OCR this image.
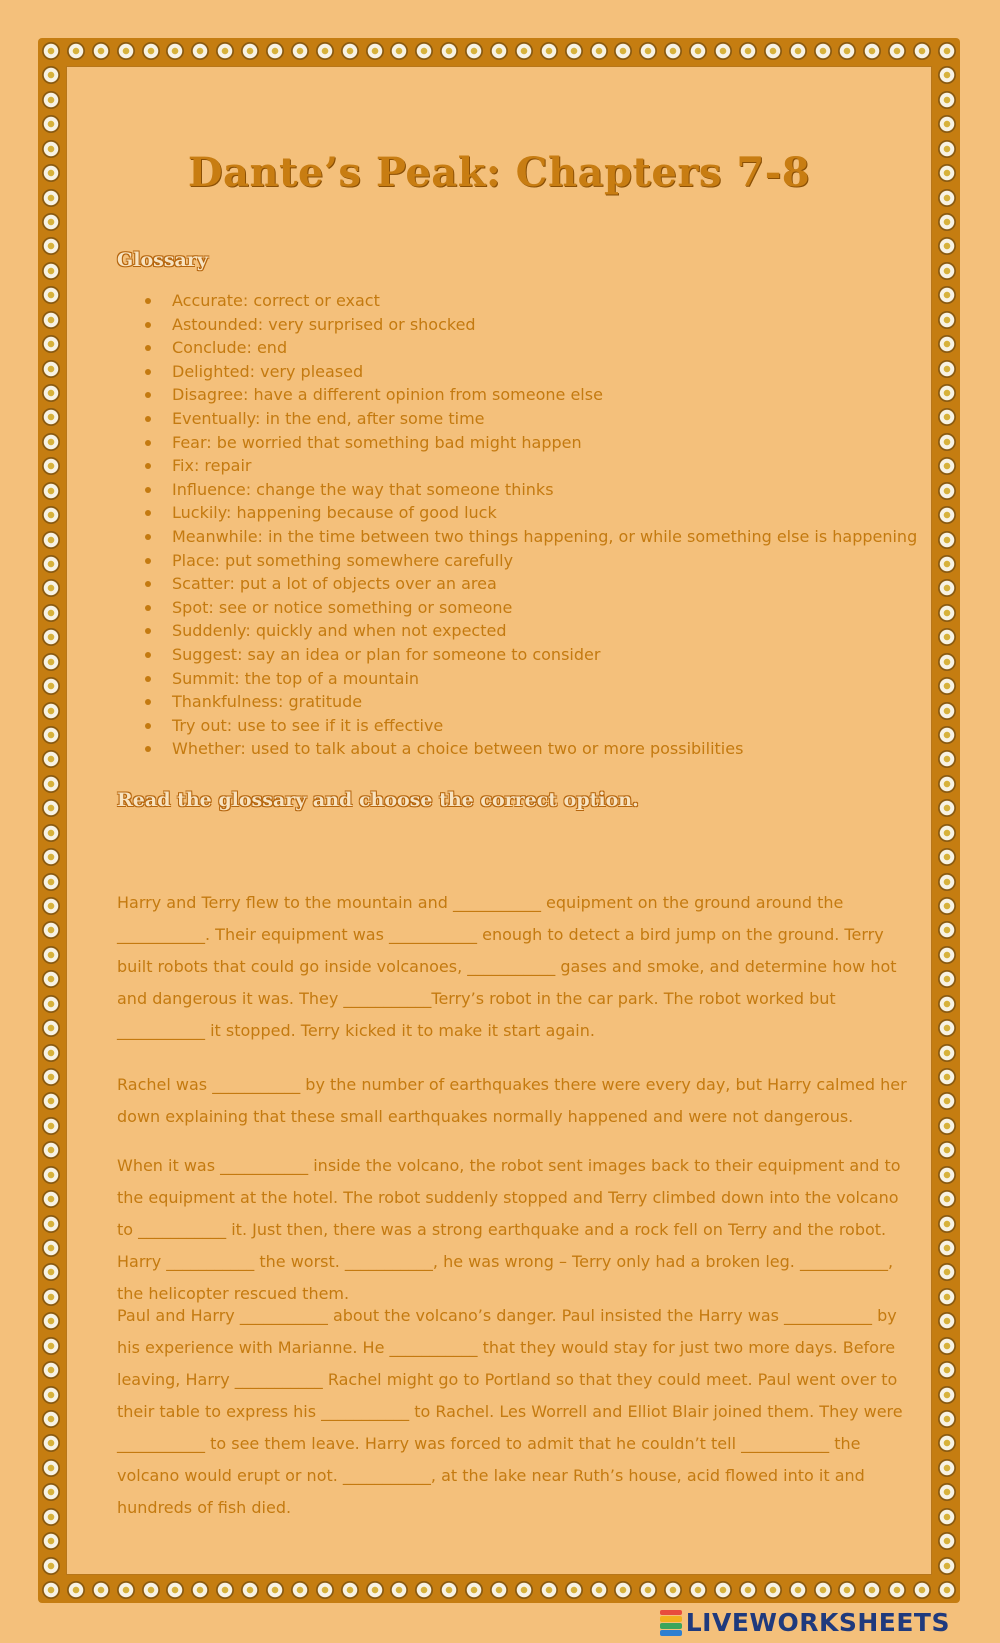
Dante’s Peak: Chapters 7-8
Glossary
Accurate: correct or exact
Astounded: very surprised or shocked
Conclude: end
Delighted: very pleased
Disagree: have a different opinion from someone else
Eventually: in the end, after some time
Fear: be worried that something bad might happen
Fix: repair
Influence: change the way that someone thinks
Luckily: happening because of good luck
Meanwhile: in the time between two things happening, or while something else is happening
Place: put something somewhere carefully
Scatter: put a lot of objects over an area
Spot: see or notice something or someone
Suddenly: quickly and when not expected
Suggest: say an idea or plan for someone to consider
Summit: the top of a mountain
Thankfulness: gratitude
Try out: use to see if it is effective
Whether: used to talk about a choice between two or more possibilities
Read the glossary and choose the correct option.
Harry and Terry flew to the mountain and ___________ equipment on the ground around the ___________. Their equipment was ___________ enough to detect a bird jump on the ground. Terry built robots that could go inside volcanoes, ___________ gases and smoke, and determine how hot and dangerous it was. They ___________Terry’s robot in the car park. The robot worked but ___________ it stopped. Terry kicked it to make it start again.
Rachel was ___________ by the number of earthquakes there were every day, but Harry calmed her down explaining that these small earthquakes normally happened and were not dangerous.
When it was ___________ inside the volcano, the robot sent images back to their equipment and to the equipment at the hotel. The robot suddenly stopped and Terry climbed down into the volcano to ___________ it. Just then, there was a strong earthquake and a rock fell on Terry and the robot. Harry ___________ the worst. ___________, he was wrong – Terry only had a broken leg. ___________, the helicopter rescued them.
Paul and Harry ___________ about the volcano’s danger. Paul insisted the Harry was ___________ by his experience with Marianne. He ___________ that they would stay for just two more days. Before leaving, Harry ___________ Rachel might go to Portland so that they could meet. Paul went over to their table to express his ___________ to Rachel. Les Worrell and Elliot Blair joined them. They were ___________ to see them leave. Harry was forced to admit that he couldn’t tell ___________ the volcano would erupt or not. ___________, at the lake near Ruth’s house, acid flowed into it and hundreds of fish died.
LIVEWORKSHEETS
